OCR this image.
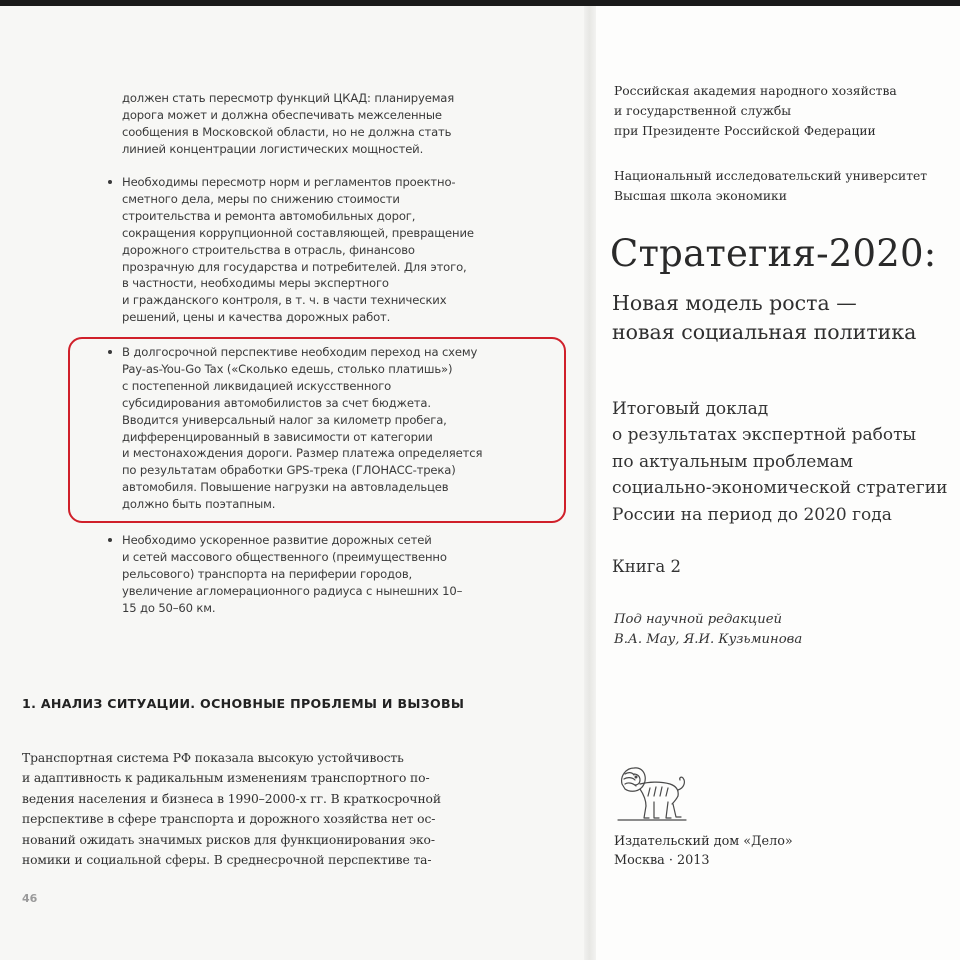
должен стать пересмотр функций ЦКАД: планируемая
дорога может и должна обеспечивать межселенные
сообщения в Московской области, но не должна стать
линией концентрации логистических мощностей.
Необходимы пересмотр норм и регламентов проектно-
сметного дела, меры по снижению стоимости
строительства и ремонта автомобильных дорог,
сокращения коррупционной составляющей, превращение
дорожного строительства в отрасль, финансово
прозрачную для государства и потребителей. Для этого,
в частности, необходимы меры экспертного
и гражданского контроля, в т. ч. в части технических
решений, цены и качества дорожных работ.
В долгосрочной перспективе необходим переход на схему
Pay-as-You-Go Tax («Сколько едешь, столько платишь»)
с постепенной ликвидацией искусственного
субсидирования автомобилистов за счет бюджета.
Вводится универсальный налог за километр пробега,
дифференцированный в зависимости от категории
и местонахождения дороги. Размер платежа определяется
по результатам обработки GPS-трека (ГЛОНАСС-трека)
автомобиля. Повышение нагрузки на автовладельцев
должно быть поэтапным.
Необходимо ускоренное развитие дорожных сетей
и сетей массового общественного (преимущественно
рельсового) транспорта на периферии городов,
увеличение агломерационного радиуса с нынешних 10–
15 до 50–60 км.
1. АНАЛИЗ СИТУАЦИИ. ОСНОВНЫЕ ПРОБЛЕМЫ И ВЫЗОВЫ
Транспортная система РФ показала высокую устойчивость
и адаптивность к радикальным изменениям транспортного по-
ведения населения и бизнеса в 1990–2000-х гг. В краткосрочной
перспективе в сфере транспорта и дорожного хозяйства нет ос-
нований ожидать значимых рисков для функционирования эко-
номики и социальной сферы. В среднесрочной перспективе та-
46
Российская академия народного хозяйства
и государственной службы
при Президенте Российской Федерации
Национальный исследовательский университет
Высшая школа экономики
Стратегия-2020:
Новая модель роста —
новая социальная политика
Итоговый доклад
о результатах экспертной работы
по актуальным проблемам
социально-экономической стратегии
России на период до 2020 года
Книга 2
Под научной редакцией
В.А. Мау, Я.И. Кузьминова
Издательский дом «Дело»
Москва · 2013
